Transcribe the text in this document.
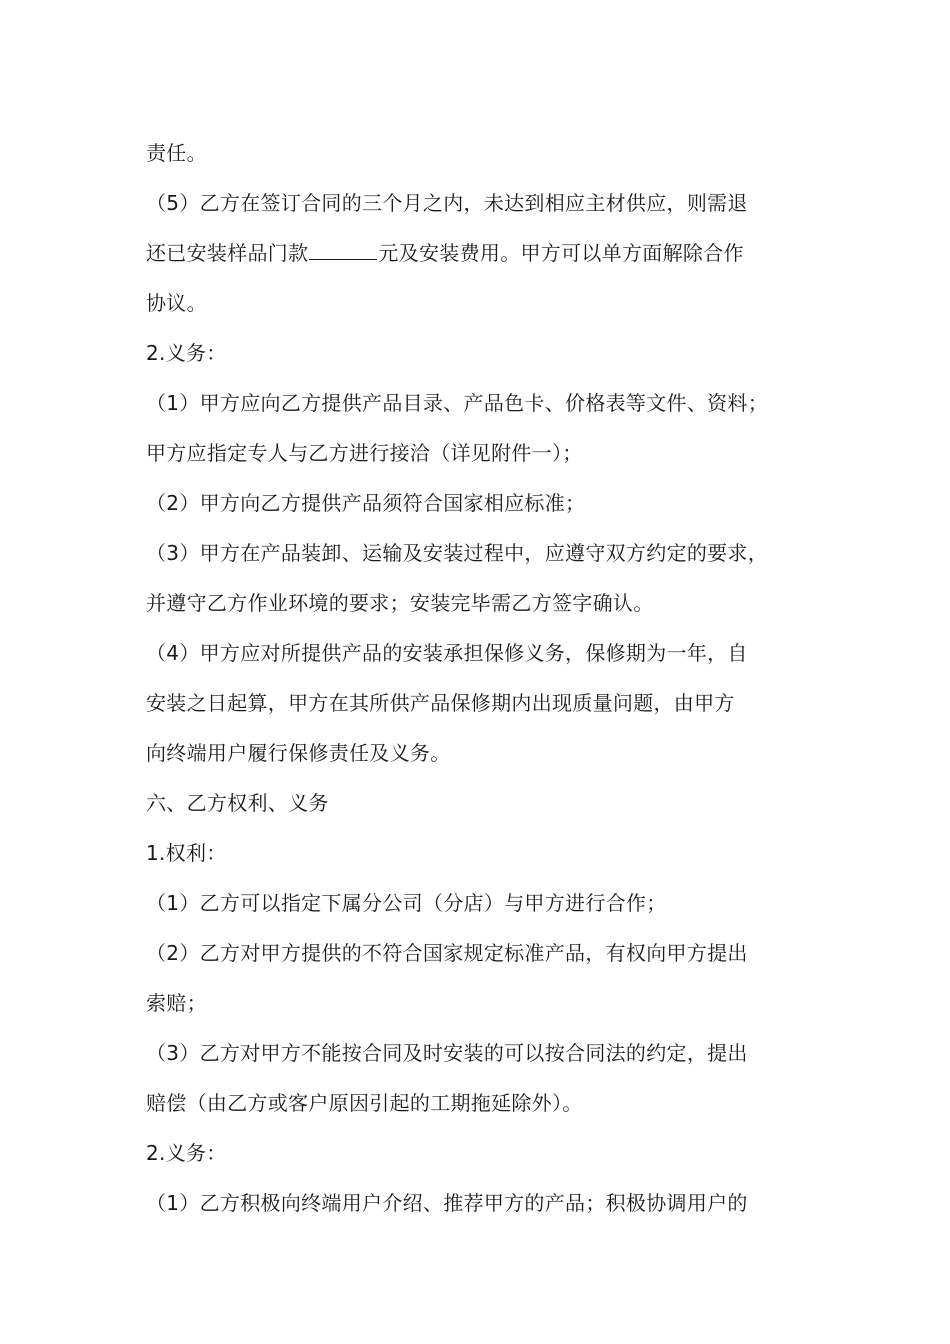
责任。
（5）乙方在签订合同的三个月之内，未达到相应主材供应，则需退
还已安装样品门款	元及安装费用。甲方可以单方面解除合作
协议。
2.义务：
（1）甲方应向乙方提供产品目录、产品色卡、价格表等文件、资料；
甲方应指定专人与乙方进行接洽（详见附件一）；
（2）甲方向乙方提供产品须符合国家相应标准；
（3）甲方在产品装卸、运输及安装过程中，应遵守双方约定的要求，
并遵守乙方作业环境的要求；安装完毕需乙方签字确认。
（4）甲方应对所提供产品的安装承担保修义务，保修期为一年，自
安装之日起算，甲方在其所供产品保修期内出现质量问题，由甲方
向终端用户履行保修责任及义务。
六、乙方权利、义务
1.权利：
（1）乙方可以指定下属分公司（分店）与甲方进行合作；
（2）乙方对甲方提供的不符合国家规定标准产品，有权向甲方提出
索赔；
（3）乙方对甲方不能按合同及时安装的可以按合同法的约定，提出
赔偿（由乙方或客户原因引起的工期拖延除外）。
2.义务：
（1）乙方积极向终端用户介绍、推荐甲方的产品；积极协调用户的
